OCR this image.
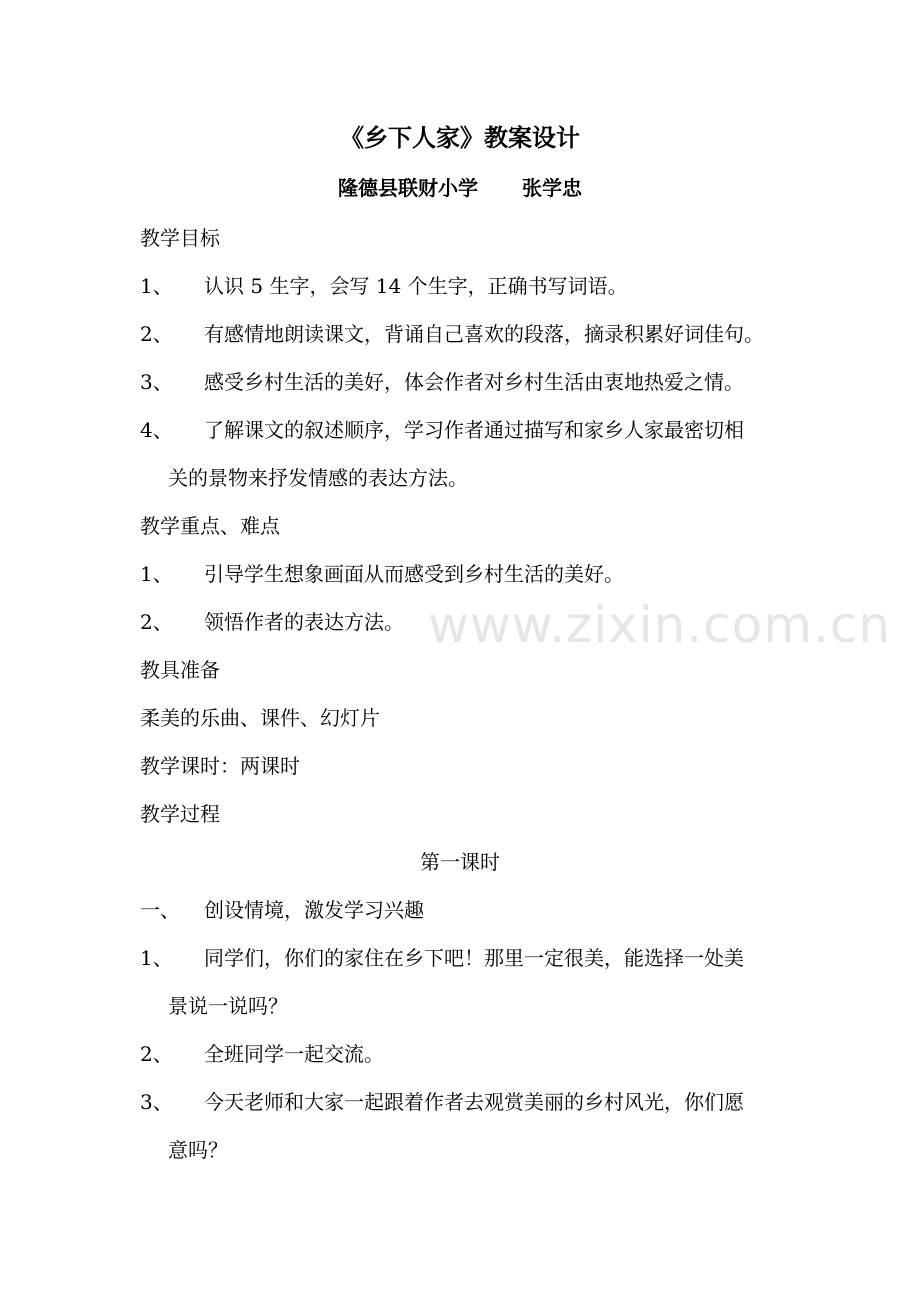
《乡下人家》教案设计
隆德县联财小学 张学忠
教学目标
1、	认识 5 生字，会写 14 个生字，正确书写词语。
2、	有感情地朗读课文，背诵自己喜欢的段落，摘录积累好词佳句。
3、	感受乡村生活的美好，体会作者对乡村生活由衷地热爱之情。
4、	了解课文的叙述顺序，学习作者通过描写和家乡人家最密切相
关的景物来抒发情感的表达方法。
教学重点、难点
1、	引导学生想象画面从而感受到乡村生活的美好。
2、	领悟作者的表达方法。
教具准备
柔美的乐曲、课件、幻灯片
教学课时：两课时
教学过程
第一课时
一、	创设情境，激发学习兴趣
1、	同学们，你们的家住在乡下吧！那里一定很美，能选择一处美
景说一说吗？
2、	全班同学一起交流。
3、	今天老师和大家一起跟着作者去观赏美丽的乡村风光，你们愿
意吗？
www.zixin.com.cn
